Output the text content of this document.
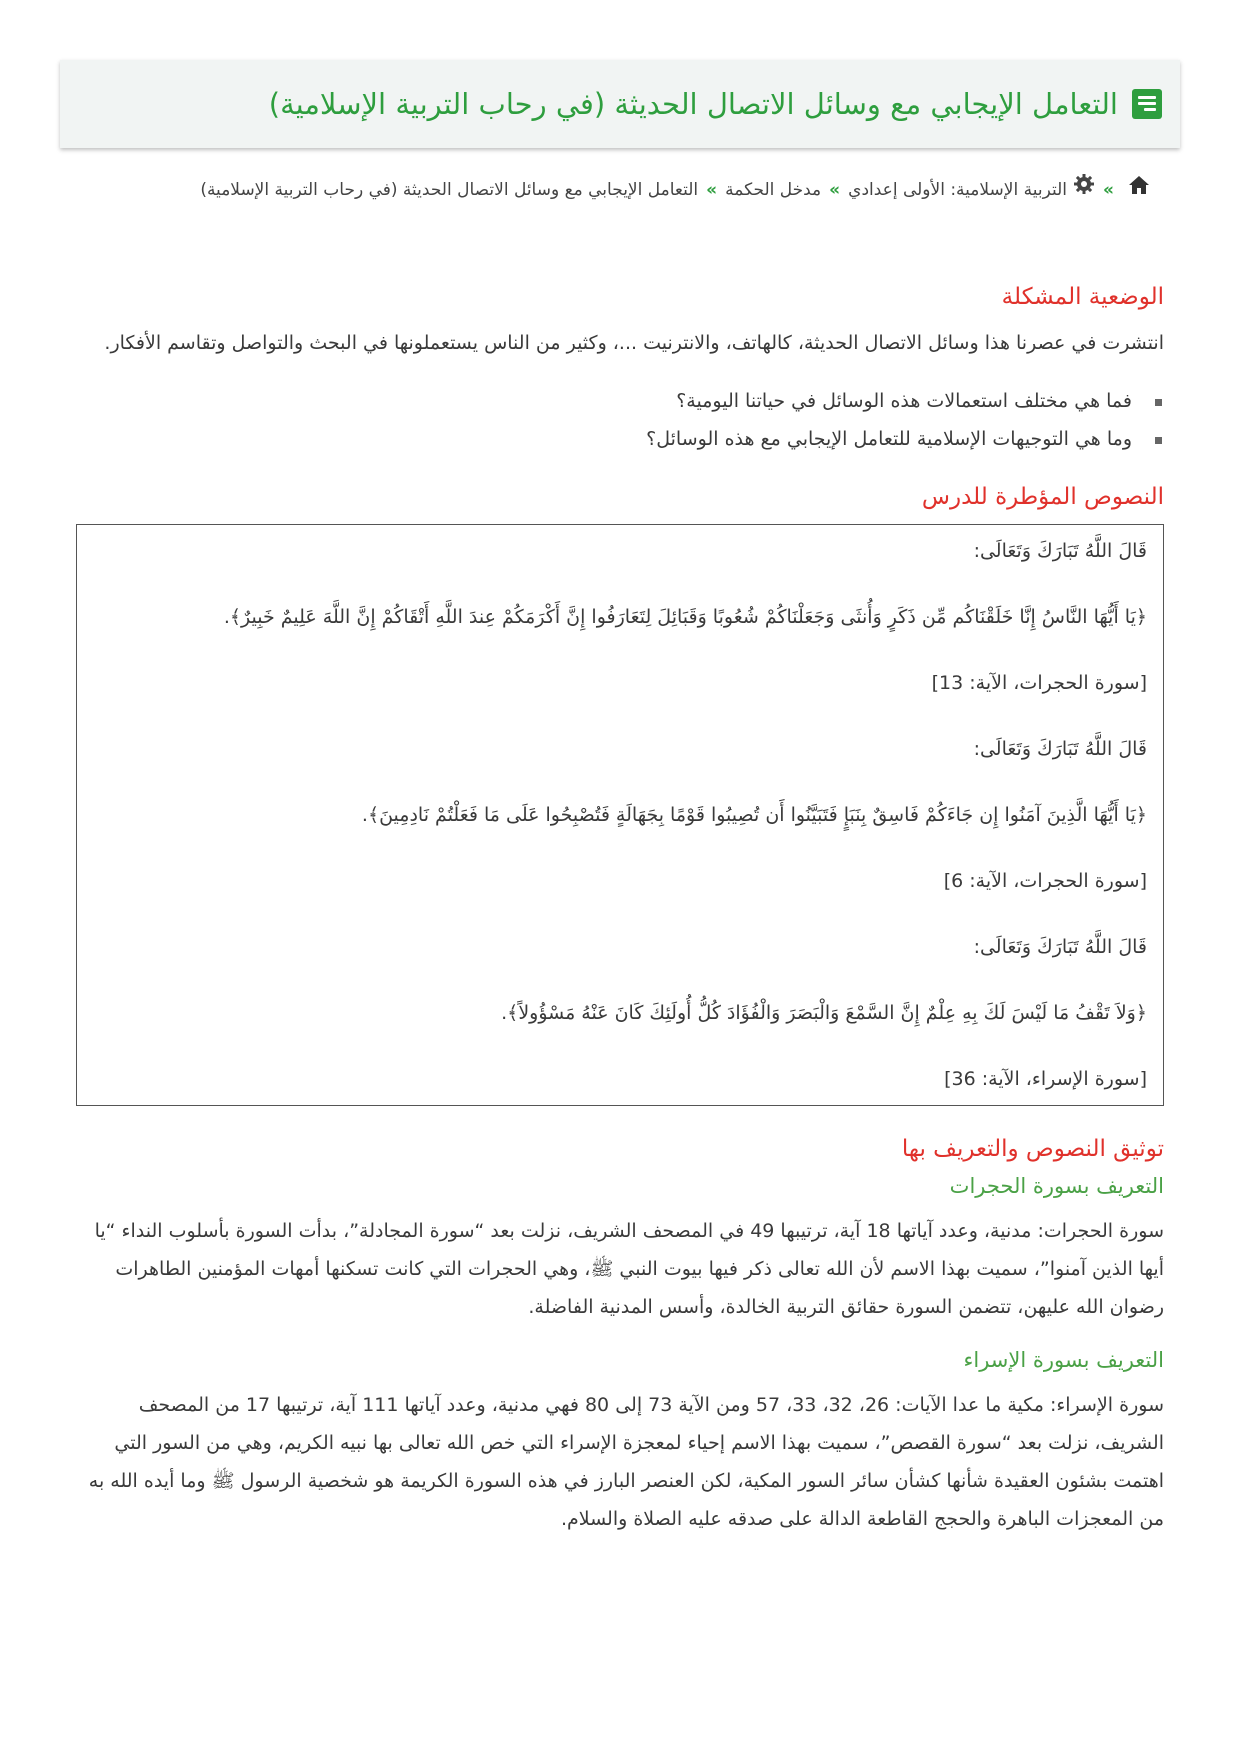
التعامل الإيجابي مع وسائل الاتصال الحديثة (في رحاب التربية الإسلامية)
»التربية الإسلامية: الأولى إعدادي»مدخل الحكمة»التعامل الإيجابي مع وسائل الاتصال الحديثة (في رحاب التربية الإسلامية)
الوضعية المشكلة

انتشرت في عصرنا هذا وسائل الاتصال الحديثة، كالهاتف، والانترنيت ...، وكثير من الناس يستعملونها في البحث والتواصل وتقاسم الأفكار.

فما هي مختلف استعمالات هذه الوسائل في حياتنا اليومية؟
وما هي التوجيهات الإسلامية للتعامل الإيجابي مع هذه الوسائل؟
النصوص المؤطرة للدرس

قَالَ اللَّهُ تَبَارَكَ وَتَعَالَى:

﴿يَا أَيُّهَا النَّاسُ إِنَّا خَلَقْنَاكُم مِّن ذَكَرٍ وَأُنثَى وَجَعَلْنَاكُمْ شُعُوبًا وَقَبَائِلَ لِتَعَارَفُوا إِنَّ أَكْرَمَكُمْ عِندَ اللَّهِ أَتْقَاكُمْ إِنَّ اللَّهَ عَلِيمٌ خَبِيرٌ﴾.

[سورة الحجرات، الآية: 13]

قَالَ اللَّهُ تَبَارَكَ وَتَعَالَى:

﴿يَا أَيُّهَا الَّذِينَ آمَنُوا إِن جَاءَكُمْ فَاسِقٌ بِنَبَإٍ فَتَبَيَّنُوا أَن تُصِيبُوا قَوْمًا بِجَهَالَةٍ فَتُصْبِحُوا عَلَى مَا فَعَلْتُمْ نَادِمِينَ﴾.

[سورة الحجرات، الآية: 6]

قَالَ اللَّهُ تَبَارَكَ وَتَعَالَى:

﴿وَلاَ تَقْفُ مَا لَيْسَ لَكَ بِهِ عِلْمٌ إِنَّ السَّمْعَ وَالْبَصَرَ وَالْفُؤَادَ كُلُّ أُولَئِكَ كَانَ عَنْهُ مَسْؤُولاً﴾.

[سورة الإسراء، الآية: 36]

توثيق النصوص والتعريف بها
التعريف بسورة الحجرات

سورة الحجرات: مدنية، وعدد آياتها 18 آية، ترتيبها 49 في المصحف الشريف، نزلت بعد “سورة المجادلة”، بدأت السورة بأسلوب النداء “يا أيها الذين آمنوا”، سميت بهذا الاسم لأن الله تعالى ذكر فيها بيوت النبي ﷺ، وهي الحجرات التي كانت تسكنها أمهات المؤمنين الطاهرات رضوان الله عليهن، تتضمن السورة حقائق التربية الخالدة، وأسس المدنية الفاضلة.

التعريف بسورة الإسراء

سورة الإسراء: مكية ما عدا الآيات: 26، 32، 33، 57 ومن الآية 73 إلى 80 فهي مدنية، وعدد آياتها 111 آية، ترتيبها 17 من المصحف الشريف، نزلت بعد “سورة القصص”، سميت بهذا الاسم إحياء لمعجزة الإسراء التي خص الله تعالى بها نبيه الكريم، وهي من السور التي اهتمت بشئون العقيدة شأنها كشأن سائر السور المكية، لكن العنصر البارز في هذه السورة الكريمة هو شخصية الرسول ﷺ وما أيده الله به من المعجزات الباهرة والحجج القاطعة الدالة على صدقه عليه الصلاة والسلام.
